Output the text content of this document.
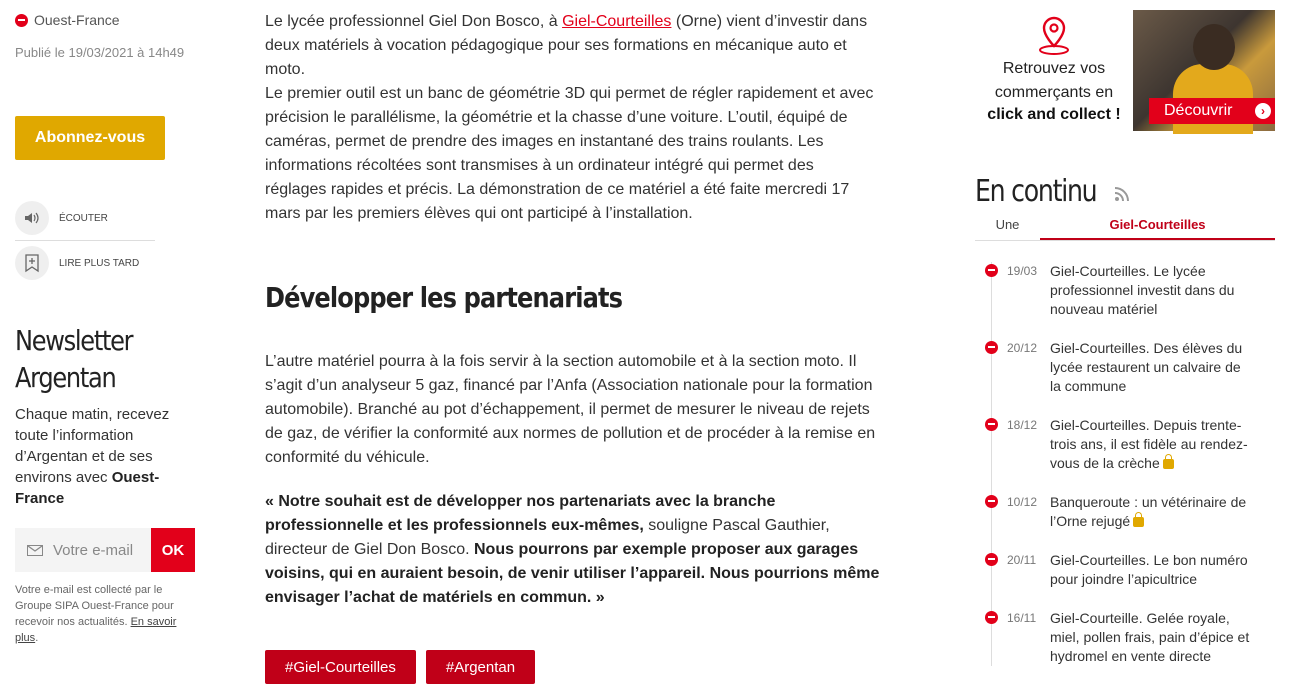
Ouest-France
Publié le 19/03/2021 à 14h49
Abonnez-vous
ÉCOUTER
LIRE PLUS TARD
Newsletter Argentan
Chaque matin, recevez toute l’information d’Argentan et de ses environs avec Ouest-France
Votre e-mail	OK
Votre e-mail est collecté par le Groupe SIPA Ouest-France pour recevoir nos actualités. En savoir plus.

Le lycée professionnel Giel Don Bosco, à Giel-Courteilles (Orne) vient d’investir dans deux matériels à vocation pédagogique pour ses formations en mécanique auto et moto.
Le premier outil est un banc de géométrie 3D qui permet de régler rapidement et avec précision le parallélisme, la géométrie et la chasse d’une voiture. L’outil, équipé de caméras, permet de prendre des images en instantané des trains roulants. Les informations récoltées sont transmises à un ordinateur intégré qui permet des réglages rapides et précis. La démonstration de ce matériel a été faite mercredi 17 mars par les premiers élèves qui ont participé à l’installation.

Développer les partenariats

L’autre matériel pourra à la fois servir à la section automobile et à la section moto. Il s’agit d’un analyseur 5 gaz, financé par l’Anfa (Association nationale pour la formation automobile). Branché au pot d’échappement, il permet de mesurer le niveau de rejets de gaz, de vérifier la conformité aux normes de pollution et de procéder à la remise en conformité du véhicule.

« Notre souhait est de développer nos partenariats avec la branche professionnelle et les professionnels eux-mêmes, souligne Pascal Gauthier, directeur de Giel Don Bosco. Nous pourrons par exemple proposer aux garages voisins, qui en auraient besoin, de venir utiliser l’appareil. Nous pourrions même envisager l’achat de matériels en commun. »

#Giel-Courteilles	#Argentan
Retrouvez vos
commerçants en
click and collect !	Découvrir	›
En continu
Une	Giel-Courteilles
19/03 Giel-Courteilles. Le lycée professionnel investit dans du nouveau matériel
20/12 Giel-Courteilles. Des élèves du lycée restaurent un calvaire de la commune
18/12 Giel-Courteilles. Depuis trente-trois ans, il est fidèle au rendez-vous de la crèche
10/12 Banqueroute : un vétérinaire de l’Orne rejugé
20/11 Giel-Courteilles. Le bon numéro pour joindre l’apicultrice
16/11 Giel-Courteille. Gelée royale, miel, pollen frais, pain d’épice et hydromel en vente directe
